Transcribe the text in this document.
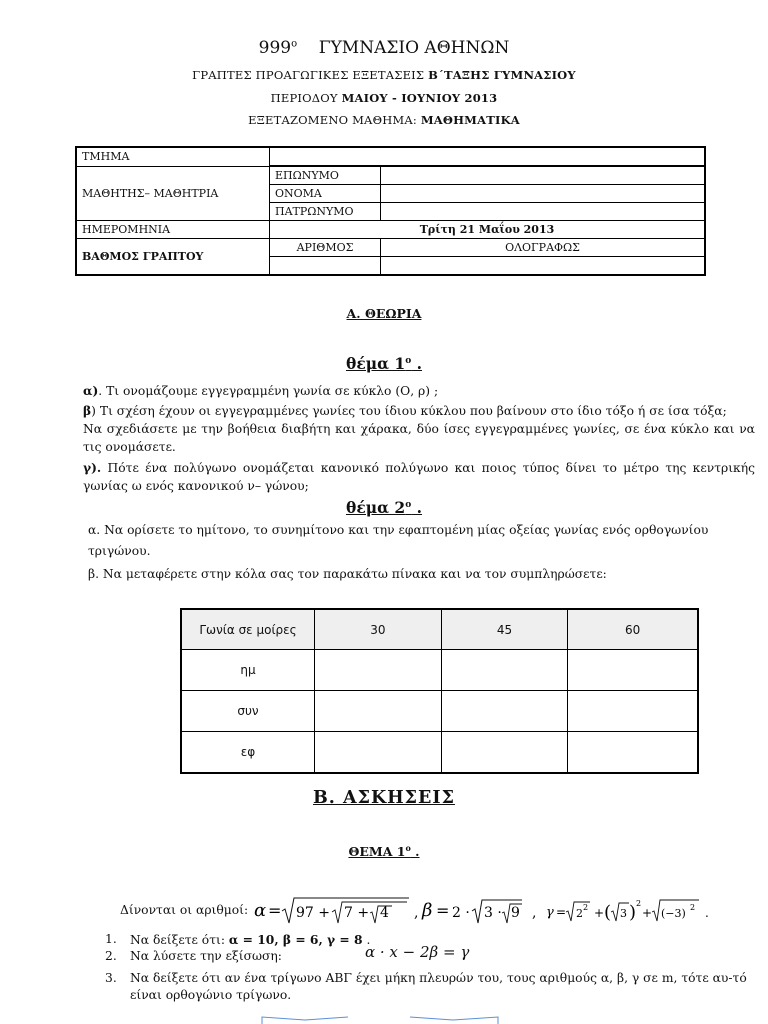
$999^o$ ΓΥΜΝΑΣΙΟ ΑΘΗΝΩΝ
ΓΡΑΠΤΕΣ ΠΡΟΑΓΩΓΙΚΕΣ ΕΞΕΤΑΣΕΙΣ Β΄ΤΑΞΗΣ ΓΥΜΝΑΣΙΟΥ
ΠΕΡΙΟΔΟΥ ΜΑΙΟΥ - ΙΟΥΝΙΟΥ 2013
ΕΞΕΤΑΖΟΜΕΝΟ ΜΑΘΗΜΑ: ΜΑΘΗΜΑΤΙΚΑ
ΤΜΗΜΑ		
ΜΑΘΗΤΗΣ– ΜΑΘΗΤΡΙΑ	ΕΠΩΝΥΜΟ	
	ΟΝΟΜΑ	
	ΠΑΤΡΩΝΥΜΟ	
ΗΜΕΡΟΜΗΝΙΑ	Τρίτη 21 Μαΐου 2013	
ΒΑΘΜΟΣ ΓΡΑΠΤΟΥ	ΑΡΙΘΜΟΣ	ΟΛΟΓΡΑΦΩΣ

Α. ΘΕΩΡΙΑ
θέμα $1^o$ .
α). Τι ονομάζουμε εγγεγραμμένη γωνία σε κύκλο (Ο, ρ) ;
β) Τι σχέση έχουν οι εγγεγραμμένες γωνίες του ίδιου κύκλου που βαίνουν στο ίδιο τόξο ή σε ίσα τόξα;
Να σχεδιάσετε με την βοήθεια διαβήτη και χάρακα, δύο ίσες εγγεγραμμένες γωνίες, σε ένα κύκλο και να τις ονομάσετε.
γ). Πότε ένα πολύγωνο ονομάζεται κανονικό πολύγωνο και ποιος τύπος δίνει το μέτρο της κεντρικής γωνίας ω ενός κανονικού ν– γώνου;
θέμα $2^o$ .
α. Να ορίσετε το ημίτονο, το συνημίτονο και την εφαπτομένη μίας οξείας γωνίας ενός ορθογωνίου τριγώνου.
β. Να μεταφέρετε στην κόλα σας τον παρακάτω πίνακα και να τον συμπληρώσετε:
Γωνία σε μοίρες	30	45	60
ημ			
συν			
εφ			
Β. ΑΣΚΗΣΕΙΣ
ΘΕΜΑ $1^o$ .
Δίνονται οι αριθμοί: α = 97 + 7 + 4 , β = 2 · 3 · 9 , γ = 2 2 + ( 3 ) 2
+ (−3) 2 .
1. Να δείξετε ότι: α = 10, β = 6, γ = 8 .
2. Να λύσετε την εξίσωση:	α · x − 2β = γ
3. Να δείξετε ότι αν ένα τρίγωνο ΑΒΓ έχει μήκη πλευρών του, τους αριθμούς α, β, γ σε m, τότε αυ-τό είναι ορθογώνιο τρίγωνο.
